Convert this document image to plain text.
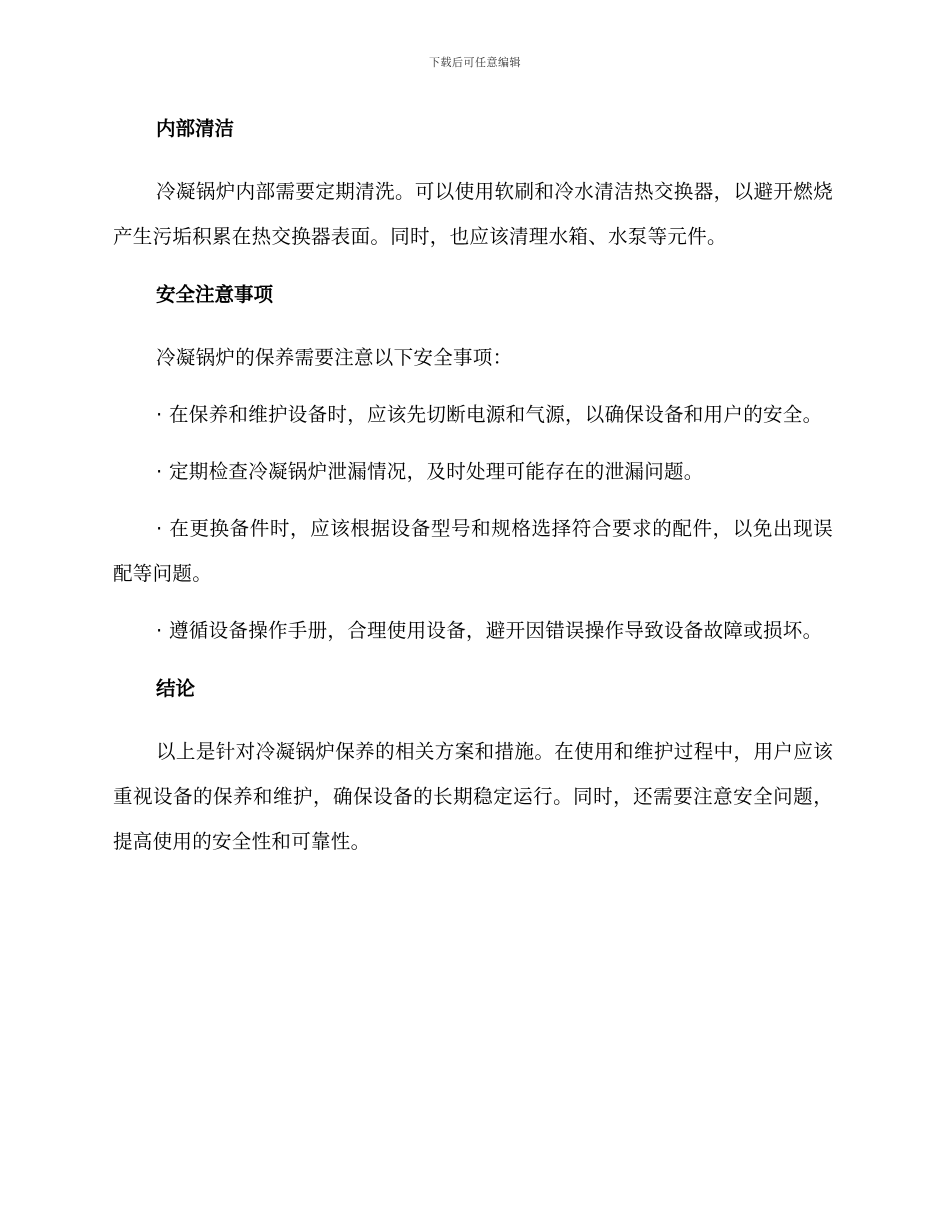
下载后可任意编辑
内部清洁

冷凝锅炉内部需要定期清洗。可以使用软刷和冷水清洁热交换器，以避开燃烧产生污垢积累在热交换器表面。同时，也应该清理水箱、水泵等元件。

安全注意事项

冷凝锅炉的保养需要注意以下安全事项：

· 在保养和维护设备时，应该先切断电源和气源，以确保设备和用户的安全。

· 定期检查冷凝锅炉泄漏情况，及时处理可能存在的泄漏问题。

· 在更换备件时，应该根据设备型号和规格选择符合要求的配件，以免出现误配等问题。

· 遵循设备操作手册，合理使用设备，避开因错误操作导致设备故障或损坏。

结论

以上是针对冷凝锅炉保养的相关方案和措施。在使用和维护过程中，用户应该重视设备的保养和维护，确保设备的长期稳定运行。同时，还需要注意安全问题，提高使用的安全性和可靠性。
